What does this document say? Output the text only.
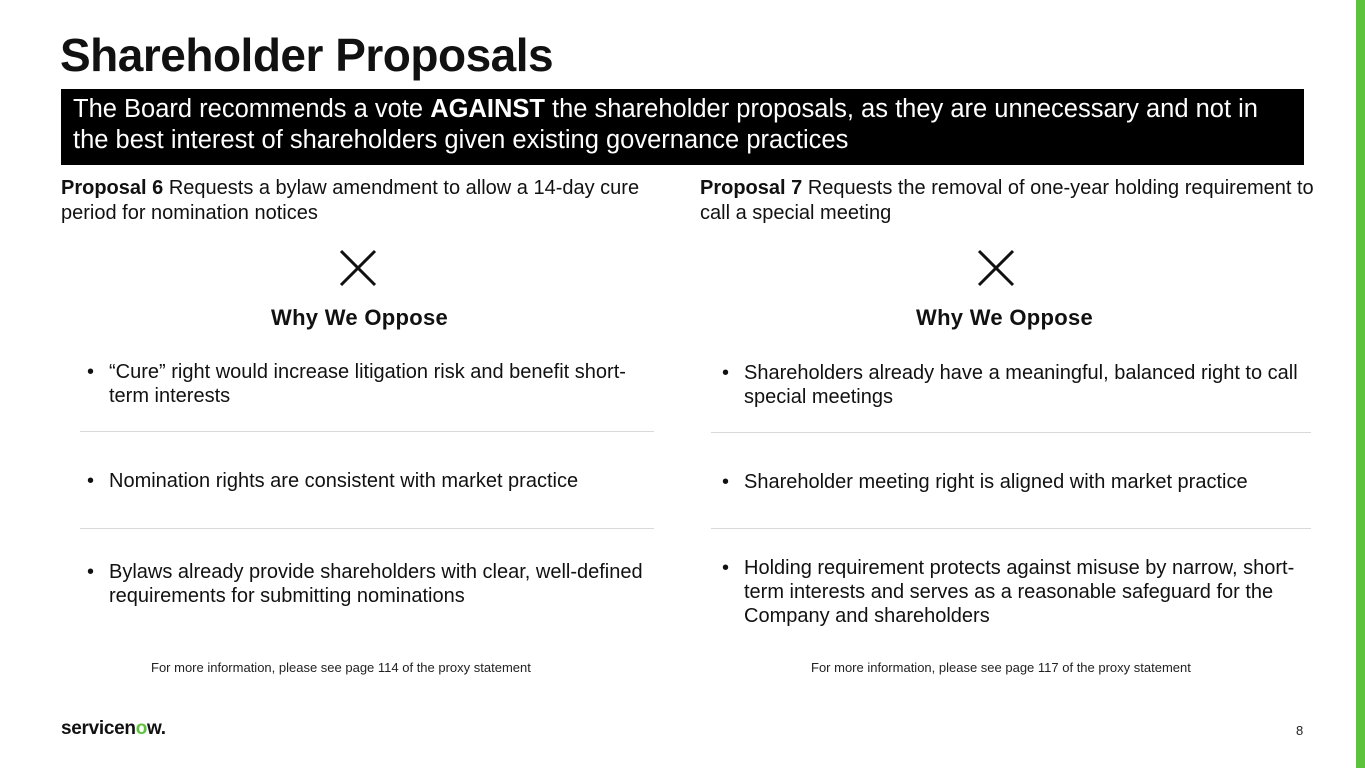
Shareholder Proposals
The Board recommends a vote AGAINST the shareholder proposals, as they are unnecessary and not in the best interest of shareholders given existing governance practices

Proposal 6 Requests a bylaw amendment to allow a 14-day cure period for nomination notices

Why We Oppose
• “Cure” right would increase litigation risk and benefit short-term interests
• Nomination rights are consistent with market practice
• Bylaws already provide shareholders with clear, well-defined requirements for submitting nominations
For more information, please see page 114 of the proxy statement

Proposal 7 Requests the removal of one-year holding requirement to call a special meeting

Why We Oppose
• Shareholders already have a meaningful, balanced right to call special meetings
• Shareholder meeting right is aligned with market practice
• Holding requirement protects against misuse by narrow, short-term interests and serves as a reasonable safeguard for the Company and shareholders
For more information, please see page 117 of the proxy statement
servicenow.	8
